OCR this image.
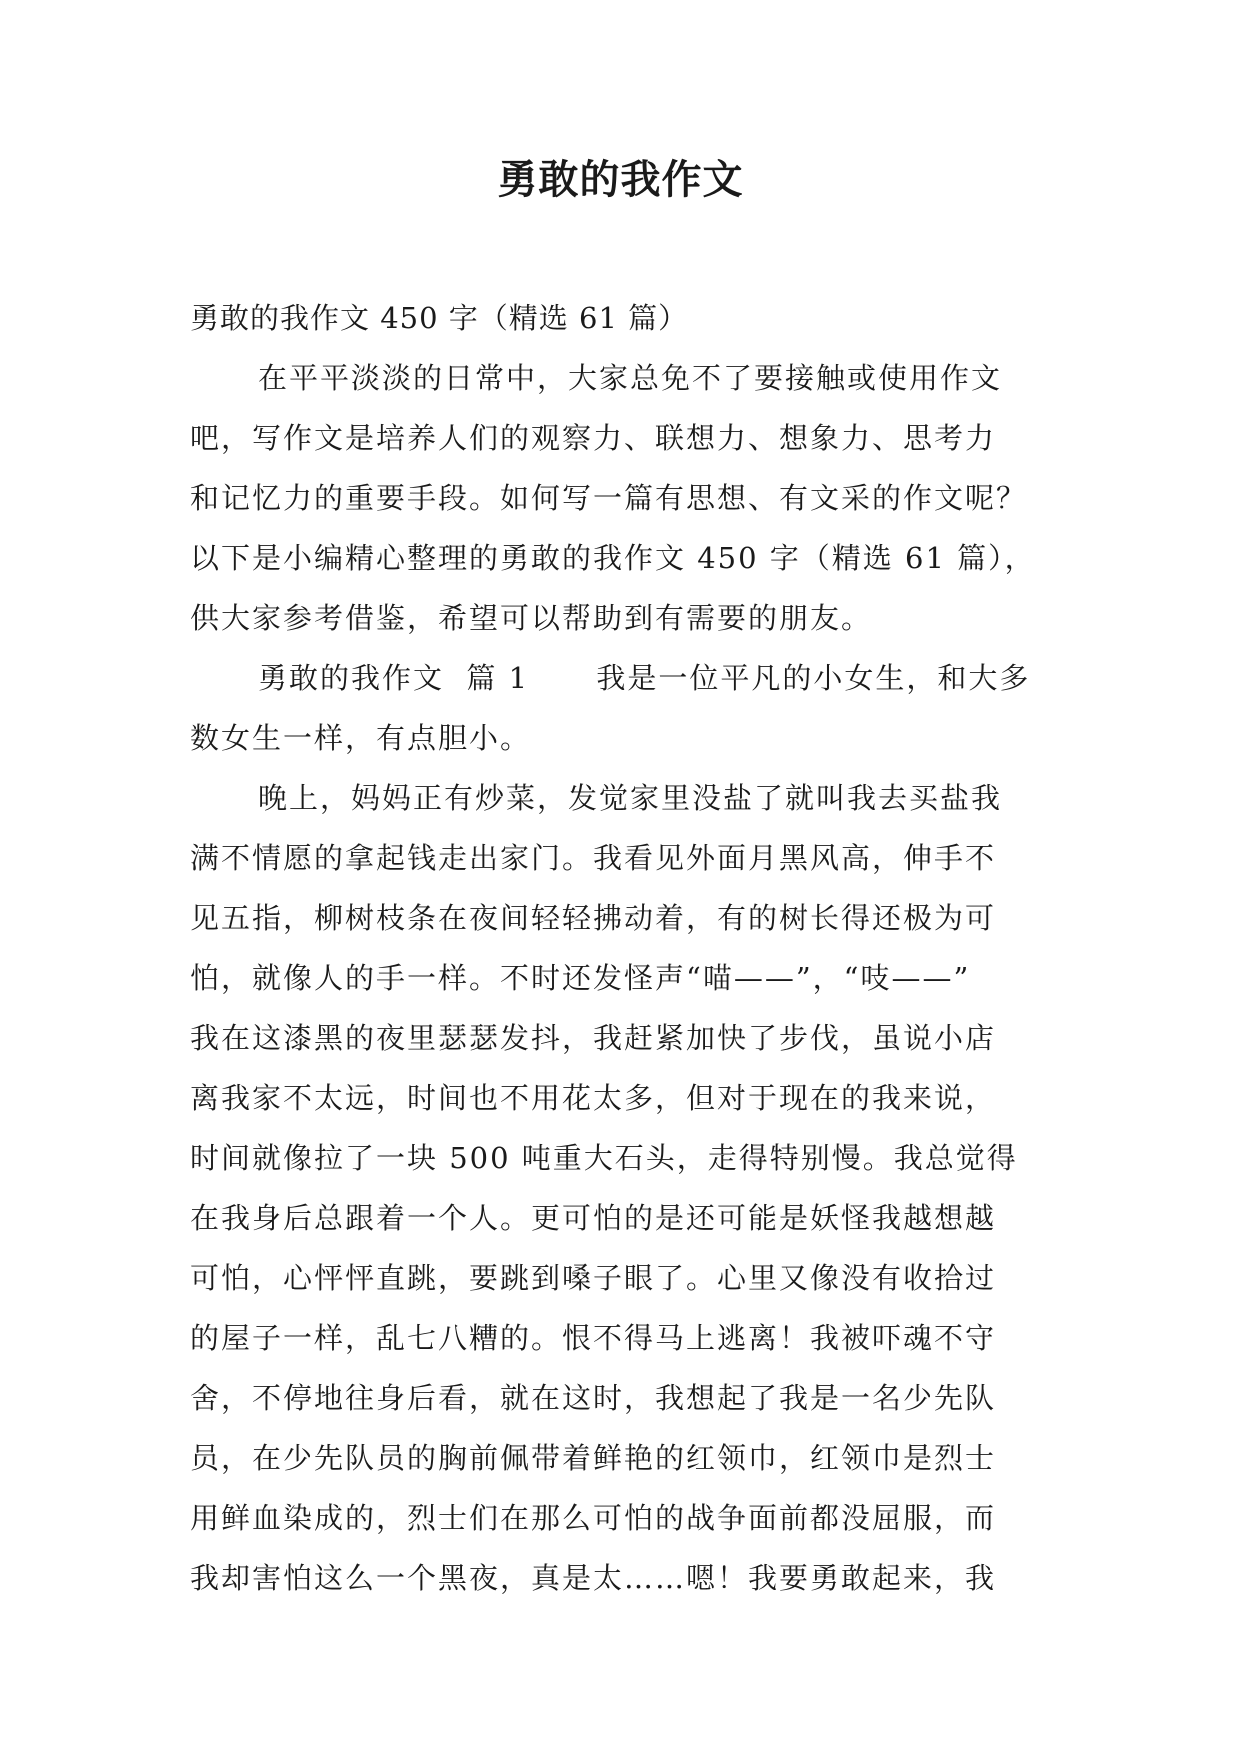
勇敢的我作文

勇敢的我作文 450 字（精选 61 篇）

在平平淡淡的日常中，大家总免不了要接触或使用作文

吧，写作文是培养人们的观察力、联想力、想象力、思考力

和记忆力的重要手段。如何写一篇有思想、有文采的作文呢？

以下是小编精心整理的勇敢的我作文 450 字（精选 61 篇），

供大家参考借鉴，希望可以帮助到有需要的朋友。

勇敢的我作文  篇 1      我是一位平凡的小女生，和大多

数女生一样，有点胆小。

晚上，妈妈正有炒菜，发觉家里没盐了就叫我去买盐我

满不情愿的拿起钱走出家门。我看见外面月黑风高，伸手不

见五指，柳树枝条在夜间轻轻拂动着，有的树长得还极为可

怕，就像人的手一样。不时还发怪声“喵——”，“吱——”

我在这漆黑的夜里瑟瑟发抖，我赶紧加快了步伐，虽说小店

离我家不太远，时间也不用花太多，但对于现在的我来说，

时间就像拉了一块 500 吨重大石头，走得特别慢。我总觉得

在我身后总跟着一个人。更可怕的是还可能是妖怪我越想越

可怕，心怦怦直跳，要跳到嗓子眼了。心里又像没有收拾过

的屋子一样，乱七八糟的。恨不得马上逃离！我被吓魂不守

舍，不停地往身后看，就在这时，我想起了我是一名少先队

员，在少先队员的胸前佩带着鲜艳的红领巾，红领巾是烈士

用鲜血染成的，烈士们在那么可怕的战争面前都没屈服，而

我却害怕这么一个黑夜，真是太……嗯！我要勇敢起来，我
